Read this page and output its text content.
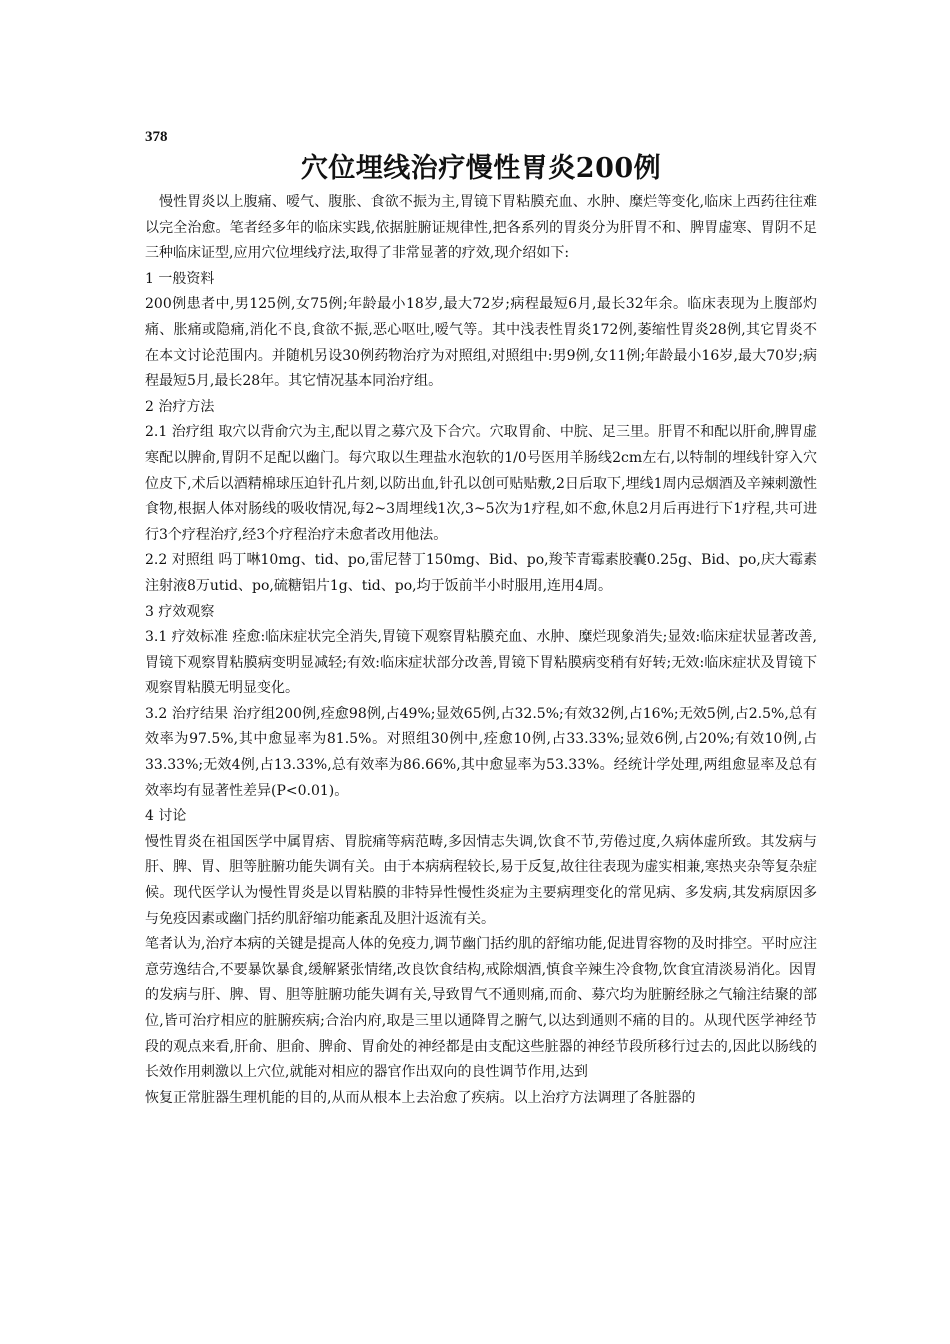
378
穴位埋线治疗慢性胃炎200例

慢性胃炎以上腹痛、嗳气、腹胀、食欲不振为主,胃镜下胃粘膜充血、水肿、糜烂等变化,临床上西药往往难以完全治愈。笔者经多年的临床实践,依据脏腑证规律性,把各系列的胃炎分为肝胃不和、脾胃虚寒、胃阴不足三种临床证型,应用穴位埋线疗法,取得了非常显著的疗效,现介绍如下:

1 一般资料

200例患者中,男125例,女75例;年龄最小18岁,最大72岁;病程最短6月,最长32年余。临床表现为上腹部灼痛、胀痛或隐痛,消化不良,食欲不振,恶心呕吐,嗳气等。其中浅表性胃炎172例,萎缩性胃炎28例,其它胃炎不在本文讨论范围内。并随机另设30例药物治疗为对照组,对照组中:男9例,女11例;年龄最小16岁,最大70岁;病程最短5月,最长28年。其它情况基本同治疗组。

2 治疗方法

2.1 治疗组 取穴以背俞穴为主,配以胃之募穴及下合穴。穴取胃俞、中脘、足三里。肝胃不和配以肝俞,脾胃虚寒配以脾俞,胃阴不足配以幽门。每穴取以生理盐水泡软的1/0号医用羊肠线2cm左右,以特制的埋线针穿入穴位皮下,术后以酒精棉球压迫针孔片刻,以防出血,针孔以创可贴贴敷,2日后取下,埋线1周内忌烟酒及辛辣刺激性食物,根据人体对肠线的吸收情况,每2~3周埋线1次,3~5次为1疗程,如不愈,休息2月后再进行下1疗程,共可进行3个疗程治疗,经3个疗程治疗未愈者改用他法。

2.2 对照组 吗丁啉10mg、tid、po,雷尼替丁150mg、Bid、po,羧苄青霉素胶囊0.25g、Bid、po,庆大霉素注射液8万utid、po,硫糖铝片1g、tid、po,均于饭前半小时服用,连用4周。

3 疗效观察

3.1 疗效标准 痊愈:临床症状完全消失,胃镜下观察胃粘膜充血、水肿、糜烂现象消失;显效:临床症状显著改善,胃镜下观察胃粘膜病变明显减轻;有效:临床症状部分改善,胃镜下胃粘膜病变稍有好转;无效:临床症状及胃镜下观察胃粘膜无明显变化。

3.2 治疗结果 治疗组200例,痊愈98例,占49%;显效65例,占32.5%;有效32例,占16%;无效5例,占2.5%,总有效率为97.5%,其中愈显率为81.5%。对照组30例中,痊愈10例,占33.33%;显效6例,占20%;有效10例,占33.33%;无效4例,占13.33%,总有效率为86.66%,其中愈显率为53.33%。经统计学处理,两组愈显率及总有效率均有显著性差异(P<0.01)。

4 讨论

慢性胃炎在祖国医学中属胃痞、胃脘痛等病范畴,多因情志失调,饮食不节,劳倦过度,久病体虚所致。其发病与肝、脾、胃、胆等脏腑功能失调有关。由于本病病程较长,易于反复,故往往表现为虚实相兼,寒热夹杂等复杂症候。现代医学认为慢性胃炎是以胃粘膜的非特异性慢性炎症为主要病理变化的常见病、多发病,其发病原因多与免疫因素或幽门括约肌舒缩功能紊乱及胆汁返流有关。

笔者认为,治疗本病的关键是提高人体的免疫力,调节幽门括约肌的舒缩功能,促进胃容物的及时排空。平时应注意劳逸结合,不要暴饮暴食,缓解紧张情绪,改良饮食结构,戒除烟酒,慎食辛辣生冷食物,饮食宜清淡易消化。因胃的发病与肝、脾、胃、胆等脏腑功能失调有关,导致胃气不通则痛,而俞、募穴均为脏腑经脉之气输注结聚的部位,皆可治疗相应的脏腑疾病;合治内府,取是三里以通降胃之腑气,以达到通则不痛的目的。从现代医学神经节段的观点来看,肝俞、胆俞、脾俞、胃俞处的神经都是由支配这些脏器的神经节段所移行过去的,因此以肠线的长效作用刺激以上穴位,就能对相应的器官作出双向的良性调节作用,达到

恢复正常脏器生理机能的目的,从而从根本上去治愈了疾病。以上治疗方法调理了各脏器的
